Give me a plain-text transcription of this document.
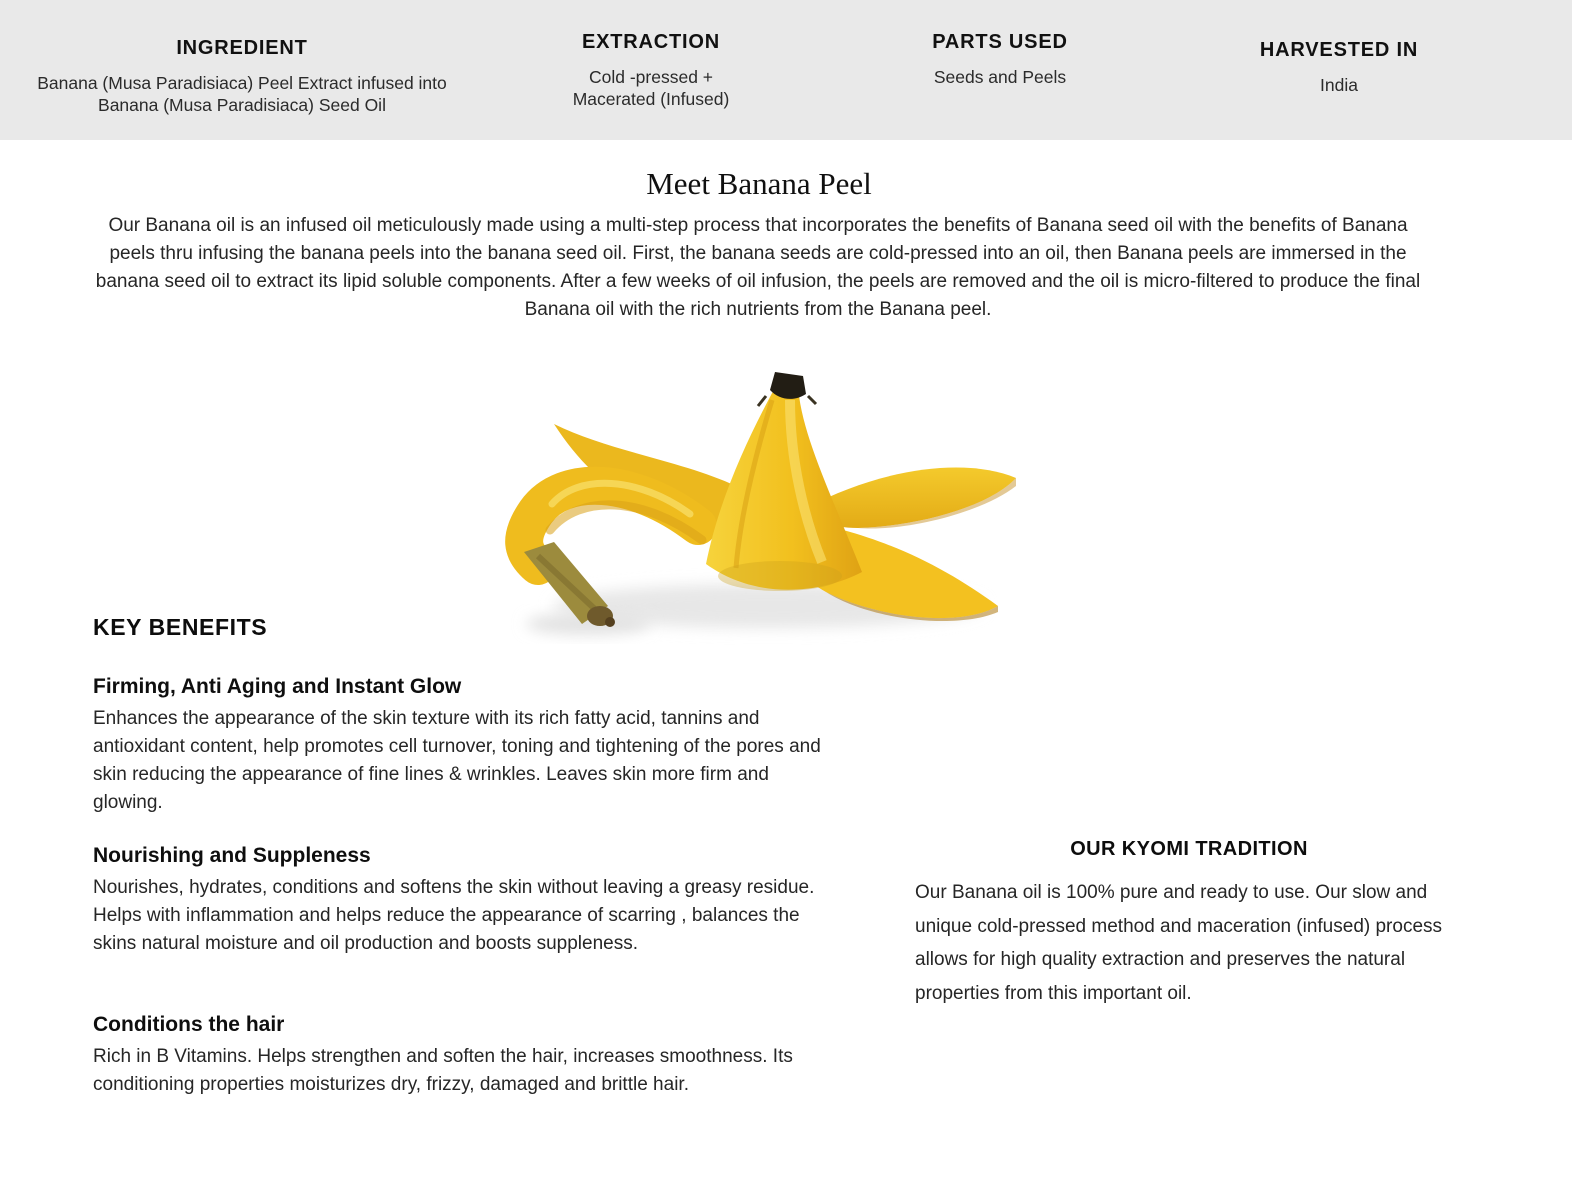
INGREDIENT
Banana (Musa Paradisiaca) Peel Extract infused into
Banana (Musa Paradisiaca) Seed Oil
EXTRACTION
Cold -pressed +
Macerated (Infused)
PARTS USED
Seeds and Peels
HARVESTED IN
India
Meet Banana Peel

Our Banana oil is an infused oil meticulously made using a multi-step process that incorporates the benefits of Banana seed oil with the benefits of Banana peels thru infusing the banana peels into the banana seed oil. First, the banana seeds are cold-pressed into an oil, then Banana peels are immersed in the banana seed oil to extract its lipid soluble components. After a few weeks of oil infusion, the peels are removed and the oil is micro-filtered to produce the final Banana oil with the rich nutrients from the Banana peel.

KEY BENEFITS
Firming, Anti Aging and Instant Glow
Enhances the appearance of the skin texture with its rich fatty acid, tannins and antioxidant content, help promotes cell turnover, toning and tightening of the pores and skin reducing the appearance of fine lines & wrinkles. Leaves skin more firm and glowing.
Nourishing and Suppleness
Nourishes, hydrates, conditions and softens the skin without leaving a greasy residue. Helps with inflammation and helps reduce the appearance of scarring , balances the skins natural moisture and oil production and boosts suppleness.
Conditions the hair
Rich in B Vitamins. Helps strengthen and soften the hair, increases smoothness. Its conditioning properties moisturizes dry, frizzy, damaged and brittle hair.
OUR KYOMI TRADITION
Our Banana oil is 100% pure and ready to use. Our slow and unique cold-pressed method and maceration (infused) process allows for high quality extraction and preserves the natural properties from this important oil.
